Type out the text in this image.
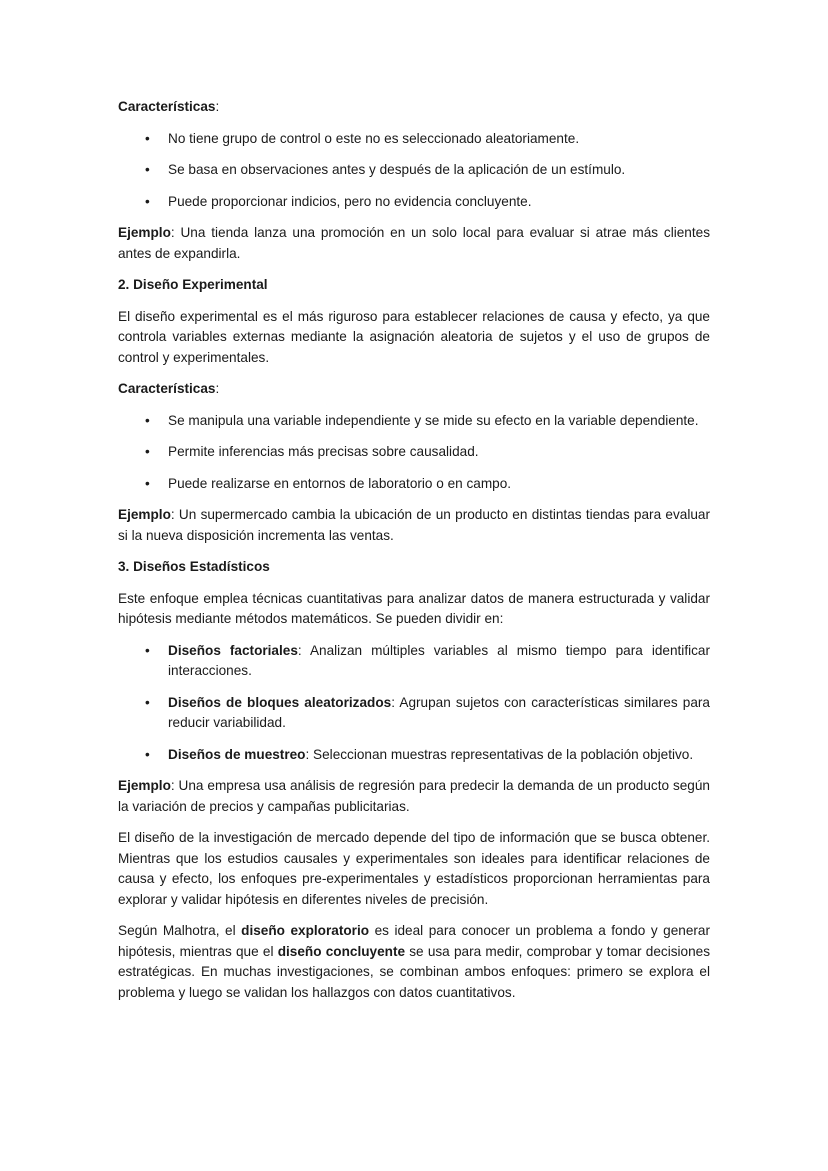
Características:

• No tiene grupo de control o este no es seleccionado aleatoriamente.
• Se basa en observaciones antes y después de la aplicación de un estímulo.
• Puede proporcionar indicios, pero no evidencia concluyente.

Ejemplo: Una tienda lanza una promoción en un solo local para evaluar si atrae más clientes antes de expandirla.

2. Diseño Experimental

El diseño experimental es el más riguroso para establecer relaciones de causa y efecto, ya que controla variables externas mediante la asignación aleatoria de sujetos y el uso de grupos de control y experimentales.

Características:

• Se manipula una variable independiente y se mide su efecto en la variable dependiente.
• Permite inferencias más precisas sobre causalidad.
• Puede realizarse en entornos de laboratorio o en campo.

Ejemplo: Un supermercado cambia la ubicación de un producto en distintas tiendas para evaluar si la nueva disposición incrementa las ventas.

3. Diseños Estadísticos

Este enfoque emplea técnicas cuantitativas para analizar datos de manera estructurada y validar hipótesis mediante métodos matemáticos. Se pueden dividir en:

• Diseños factoriales: Analizan múltiples variables al mismo tiempo para identificar interacciones.
• Diseños de bloques aleatorizados: Agrupan sujetos con características similares para reducir variabilidad.
• Diseños de muestreo: Seleccionan muestras representativas de la población objetivo.

Ejemplo: Una empresa usa análisis de regresión para predecir la demanda de un producto según la variación de precios y campañas publicitarias.

El diseño de la investigación de mercado depende del tipo de información que se busca obtener. Mientras que los estudios causales y experimentales son ideales para identificar relaciones de causa y efecto, los enfoques pre-experimentales y estadísticos proporcionan herramientas para explorar y validar hipótesis en diferentes niveles de precisión.

Según Malhotra, el diseño exploratorio es ideal para conocer un problema a fondo y generar hipótesis, mientras que el diseño concluyente se usa para medir, comprobar y tomar decisiones estratégicas. En muchas investigaciones, se combinan ambos enfoques: primero se explora el problema y luego se validan los hallazgos con datos cuantitativos.
